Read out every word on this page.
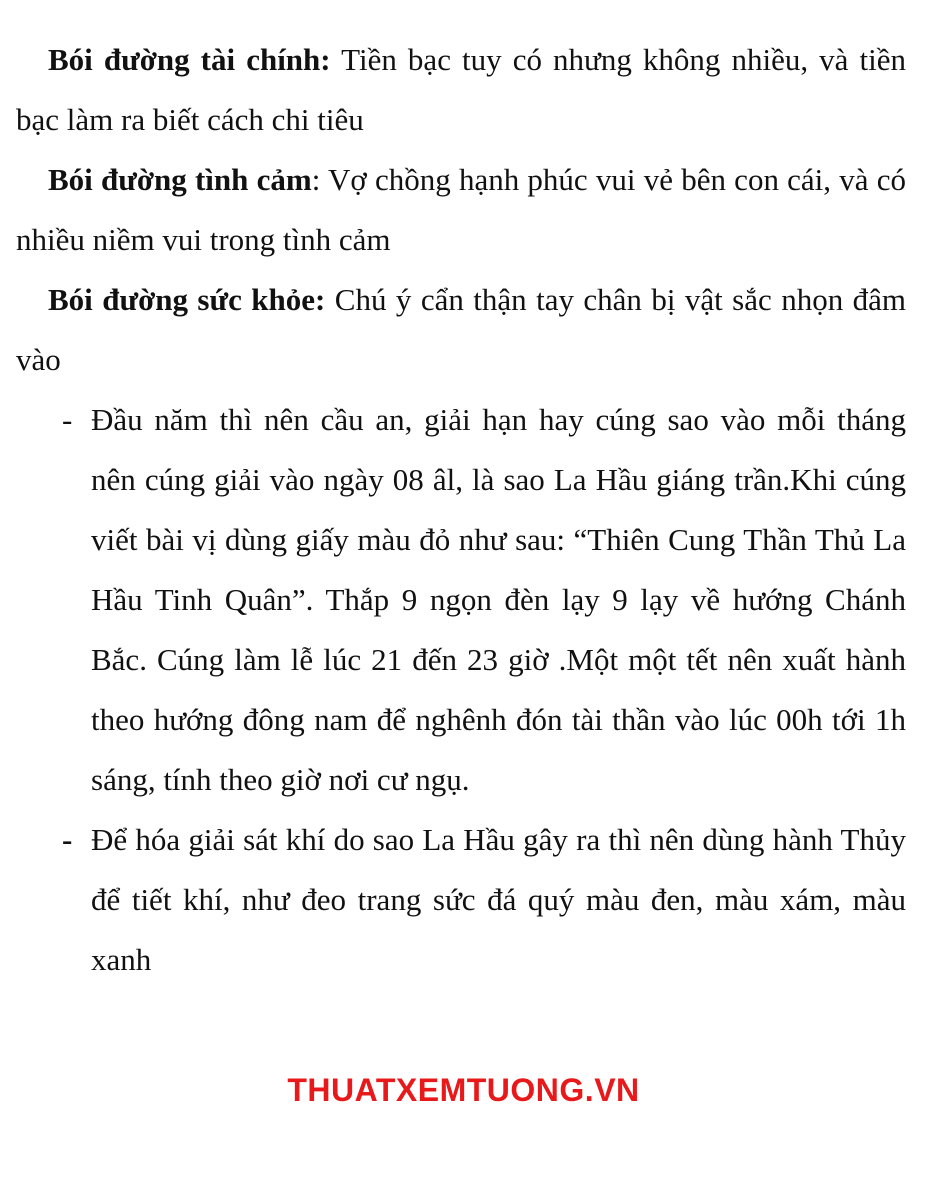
Bói đường tài chính: Tiền bạc tuy có nhưng không nhiều, và tiền bạc làm ra biết cách chi tiêu

Bói đường tình cảm: Vợ chồng hạnh phúc vui vẻ bên con cái, và có nhiều niềm vui trong tình cảm

Bói đường sức khỏe: Chú ý cẩn thận tay chân bị vật sắc nhọn đâm vào

- Đầu năm thì nên cầu an, giải hạn hay cúng sao vào mỗi tháng nên cúng giải vào ngày 08 âl, là sao La Hầu giáng trần.Khi cúng viết bài vị dùng giấy màu đỏ như sau: “Thiên Cung Thần Thủ La Hầu Tinh Quân”. Thắp 9 ngọn đèn lạy 9 lạy về hướng Chánh Bắc. Cúng làm lễ lúc 21 đến 23 giờ .Một một tết nên xuất hành theo hướng đông nam để nghênh đón tài thần vào lúc 00h tới 1h sáng, tính theo giờ nơi cư ngụ.
- Để hóa giải sát khí do sao La Hầu gây ra thì nên dùng hành Thủy để tiết khí, như đeo trang sức đá quý màu đen, màu xám, màu xanh
THUATXEMTUONG.VN
